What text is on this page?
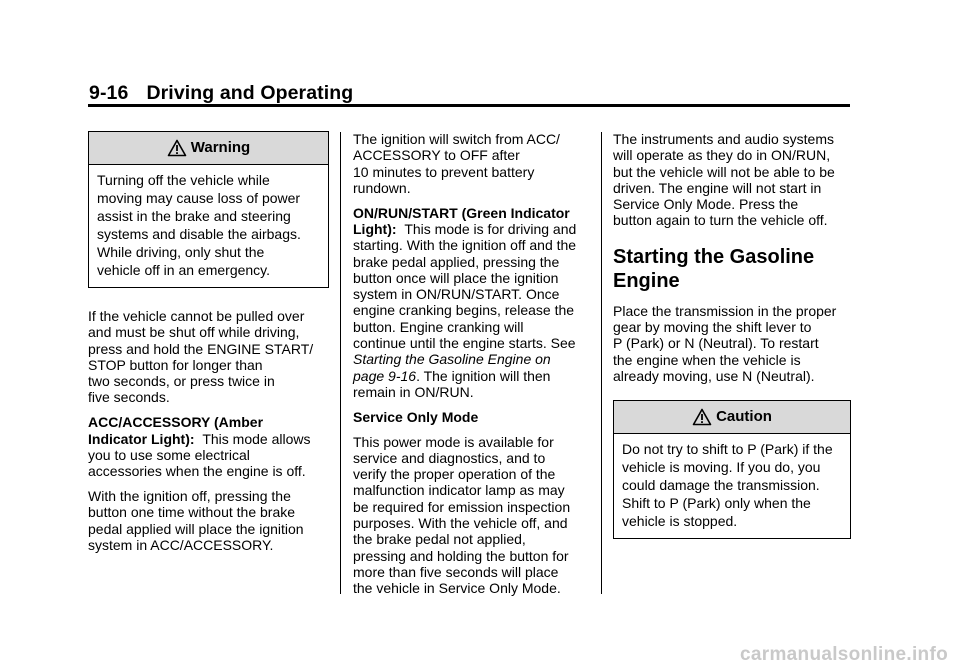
9-16 Driving and Operating
Warning
Turning off the vehicle while
moving may cause loss of power
assist in the brake and steering
systems and disable the airbags.
While driving, only shut the
vehicle off in an emergency.

If the vehicle cannot be pulled over
and must be shut off while driving,
press and hold the ENGINE START/
STOP button for longer than
two seconds, or press twice in
five seconds.

ACC/ACCESSORY (Amber
Indicator Light): This mode allows
you to use some electrical
accessories when the engine is off.

With the ignition off, pressing the
button one time without the brake
pedal applied will place the ignition
system in ACC/ACCESSORY.

The ignition will switch from ACC/
ACCESSORY to OFF after
10 minutes to prevent battery
rundown.

ON/RUN/START (Green Indicator
Light): This mode is for driving and
starting. With the ignition off and the
brake pedal applied, pressing the
button once will place the ignition
system in ON/RUN/START. Once
engine cranking begins, release the
button. Engine cranking will
continue until the engine starts. See
Starting the Gasoline Engine on
page 9-16. The ignition will then
remain in ON/RUN.

Service Only Mode

This power mode is available for
service and diagnostics, and to
verify the proper operation of the
malfunction indicator lamp as may
be required for emission inspection
purposes. With the vehicle off, and
the brake pedal not applied,
pressing and holding the button for
more than five seconds will place
the vehicle in Service Only Mode.

The instruments and audio systems
will operate as they do in ON/RUN,
but the vehicle will not be able to be
driven. The engine will not start in
Service Only Mode. Press the
button again to turn the vehicle off.

Starting the Gasoline
Engine

Place the transmission in the proper
gear by moving the shift lever to
P (Park) or N (Neutral). To restart
the engine when the vehicle is
already moving, use N (Neutral).

Caution
Do not try to shift to P (Park) if the
vehicle is moving. If you do, you
could damage the transmission.
Shift to P (Park) only when the
vehicle is stopped.
carmanualsonline.info
